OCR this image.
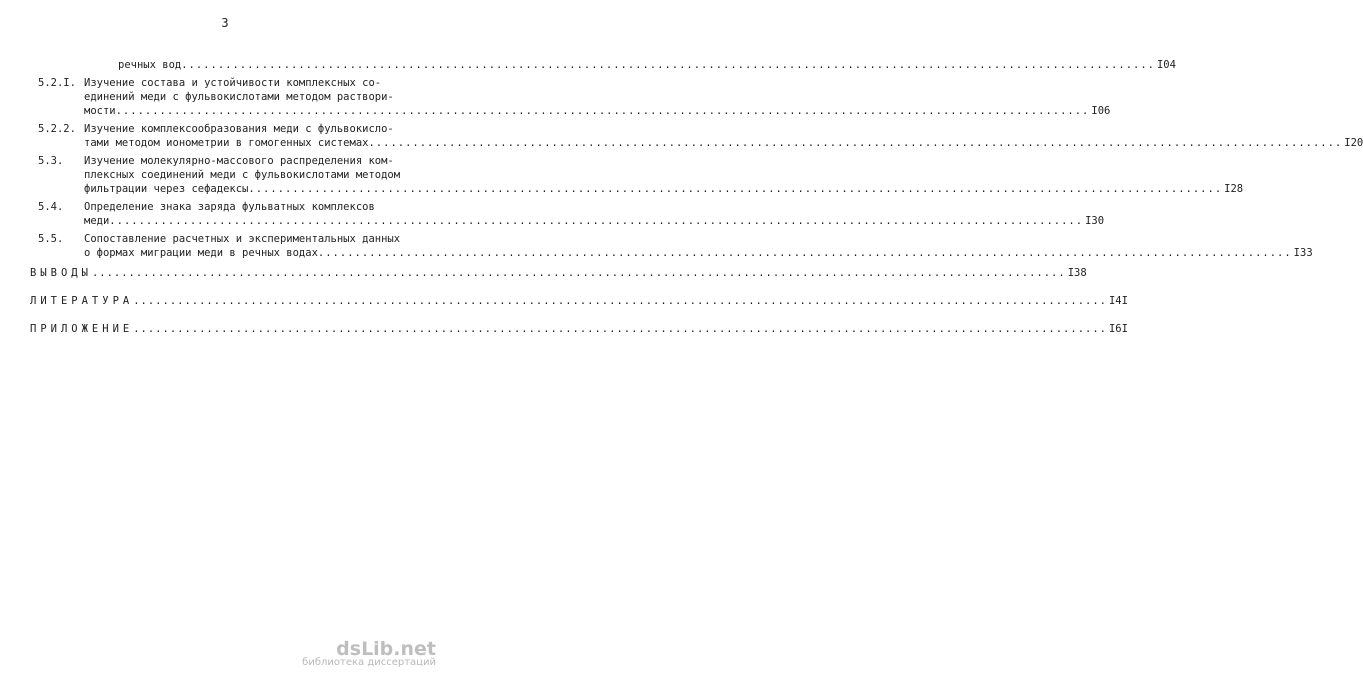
3
речных вод .....	I04
5.2.I. Изучение состава и устойчивости комплексных со-
единений меди с фульвокислотами методом раствори-
мости .....	I06
5.2.2. Изучение комплексообразования меди с фульвокисло-
тами методом ионометрии в гомогенных системах .....	I20
5.3.	Изучение молекулярно-массового распределения ком-
плексных соединений меди с фульвокислотами методом
фильтрации через сефадексы .....	I28
5.4.	Определение знака заряда фульватных комплексов
меди .....	I30
5.5.	Сопоставление расчетных и экспериментальных данных
о формах миграции меди в речных водах .....	I33
ВЫВОДЫ .....	I38
ЛИТЕРАТУРА .....	I4I
ПРИЛОЖЕНИЕ .....	I6I
dsLib.net
библиотека диссертаций
